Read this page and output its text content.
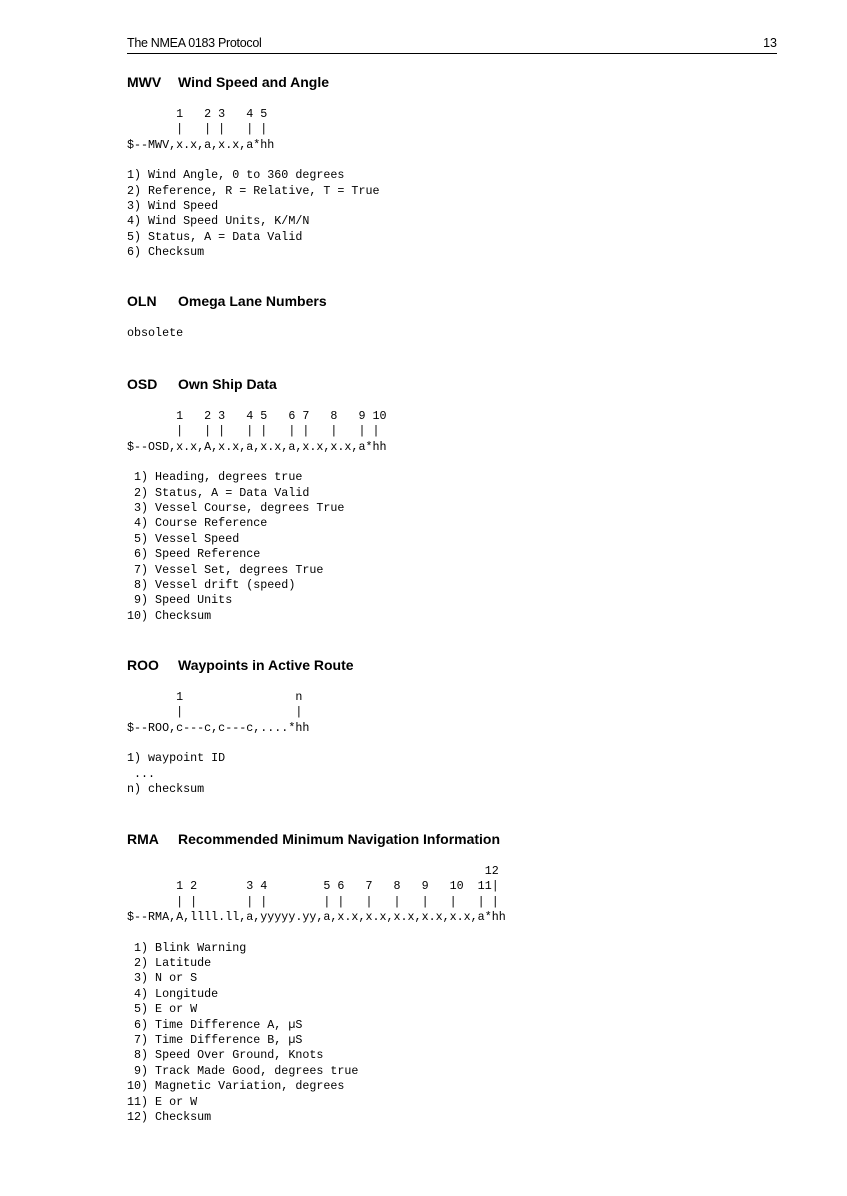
The NMEA 0183 Protocol	13
MWV Wind Speed and Angle
1   2 3   4 5
|   | |   | |
$--MWV,x.x,a,x.x,a*hh
1) Wind Angle, 0 to 360 degrees
2) Reference, R = Relative, T = True
3) Wind Speed
4) Wind Speed Units, K/M/N
5) Status, A = Data Valid
6) Checksum
OLN Omega Lane Numbers
obsolete
OSD Own Ship Data
1   2 3   4 5   6 7   8   9 10
|   | |   | |   | |   |   | |
$--OSD,x.x,A,x.x,a,x.x,a,x.x,x.x,a*hh
1) Heading, degrees true
2) Status, A = Data Valid
3) Vessel Course, degrees True
4) Course Reference
5) Vessel Speed
6) Speed Reference
7) Vessel Set, degrees True
8) Vessel drift (speed)
9) Speed Units
10) Checksum
ROO Waypoints in Active Route
1                n
|                |
$--ROO,c---c,c---c,....*hh
1) waypoint ID
...
n) checksum
RMA Recommended Minimum Navigation Information
12
1 2       3 4        5 6   7   8   9   10  11|
| |       | |        | |   |   |   |   |   | |
$--RMA,A,llll.ll,a,yyyyy.yy,a,x.x,x.x,x.x,x.x,x.x,a*hh
1) Blink Warning
2) Latitude
3) N or S
4) Longitude
5) E or W
6) Time Difference A, µS
7) Time Difference B, µS
8) Speed Over Ground, Knots
9) Track Made Good, degrees true
10) Magnetic Variation, degrees
11) E or W
12) Checksum
